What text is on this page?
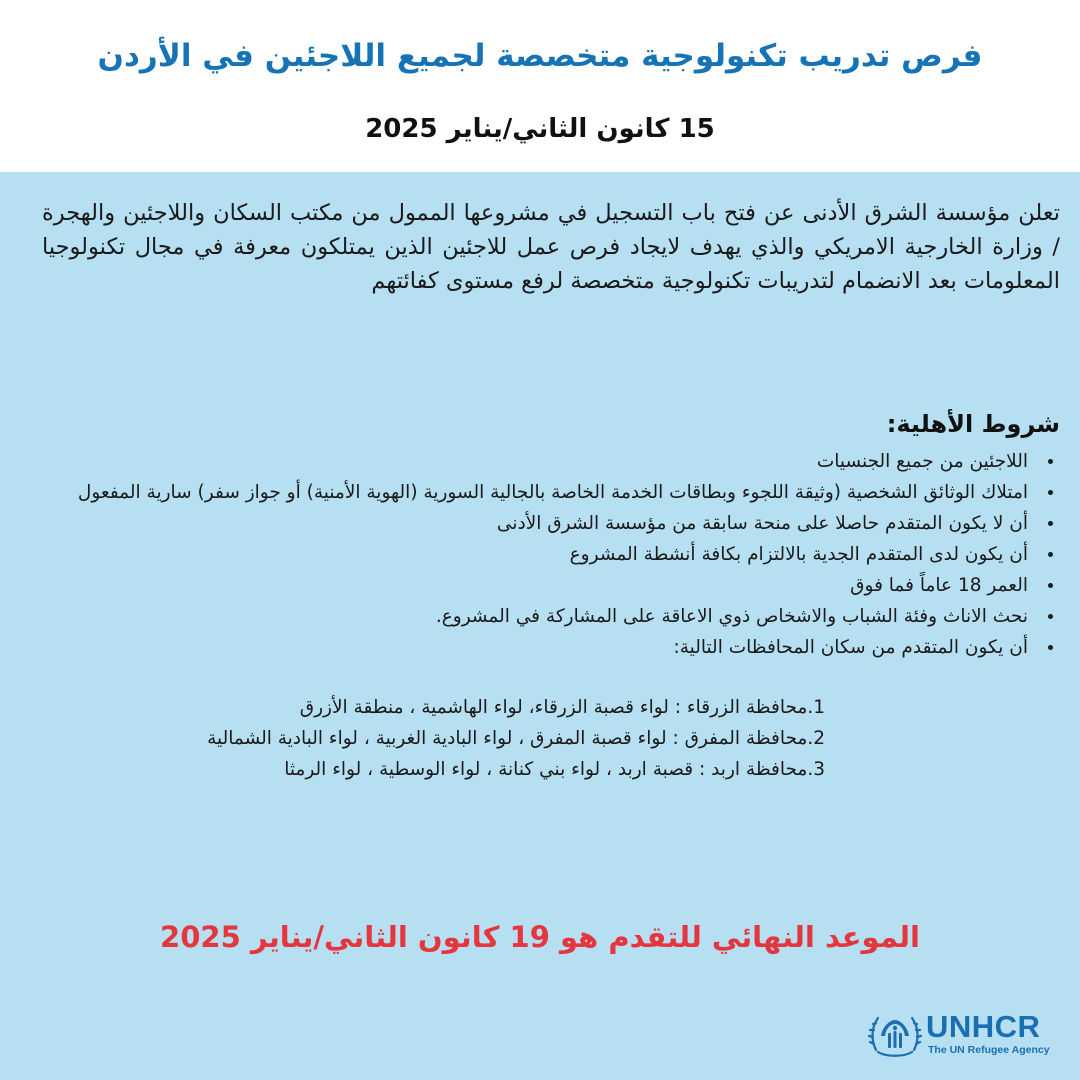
فرص تدريب تكنولوجية متخصصة لجميع اللاجئين في الأردن
15 كانون الثاني/يناير 2025
تعلن مؤسسة الشرق الأدنى عن فتح باب التسجيل في مشروعها الممول من مكتب السكان واللاجئين والهجرة / وزارة الخارجية الامريكي والذي يهدف لايجاد فرص عمل للاجئين الذين يمتلكون معرفة في مجال تكنولوجيا المعلومات بعد الانضمام لتدريبات تكنولوجية متخصصة لرفع مستوى كفائتهم
شروط الأهلية:
• اللاجئين من جميع الجنسيات
• امتلاك الوثائق الشخصية (وثيقة اللجوء وبطاقات الخدمة الخاصة بالجالية السورية (الهوية الأمنية) أو جواز سفر) سارية المفعول
• أن لا يكون المتقدم حاصلا على منحة سابقة من مؤسسة الشرق الأدنى
• أن يكون لدى المتقدم الجدية بالالتزام بكافة أنشطة المشروع
• العمر 18 عاماً فما فوق
• نحث الاناث وفئة الشباب والاشخاص ذوي الاعاقة على المشاركة في المشروع.
• أن يكون المتقدم من سكان المحافظات التالية:
1.محافظة الزرقاء : لواء قصبة الزرقاء، لواء الهاشمية ، منطقة الأزرق
2.محافظة المفرق : لواء قصبة المفرق ، لواء البادية الغربية ، لواء البادية الشمالية
3.محافظة اربد : قصبة اربد ، لواء بني كنانة ، لواء الوسطية ، لواء الرمثا
الموعد النهائي للتقدم هو 19 كانون الثاني/يناير 2025
UNHCR
The UN Refugee Agency
